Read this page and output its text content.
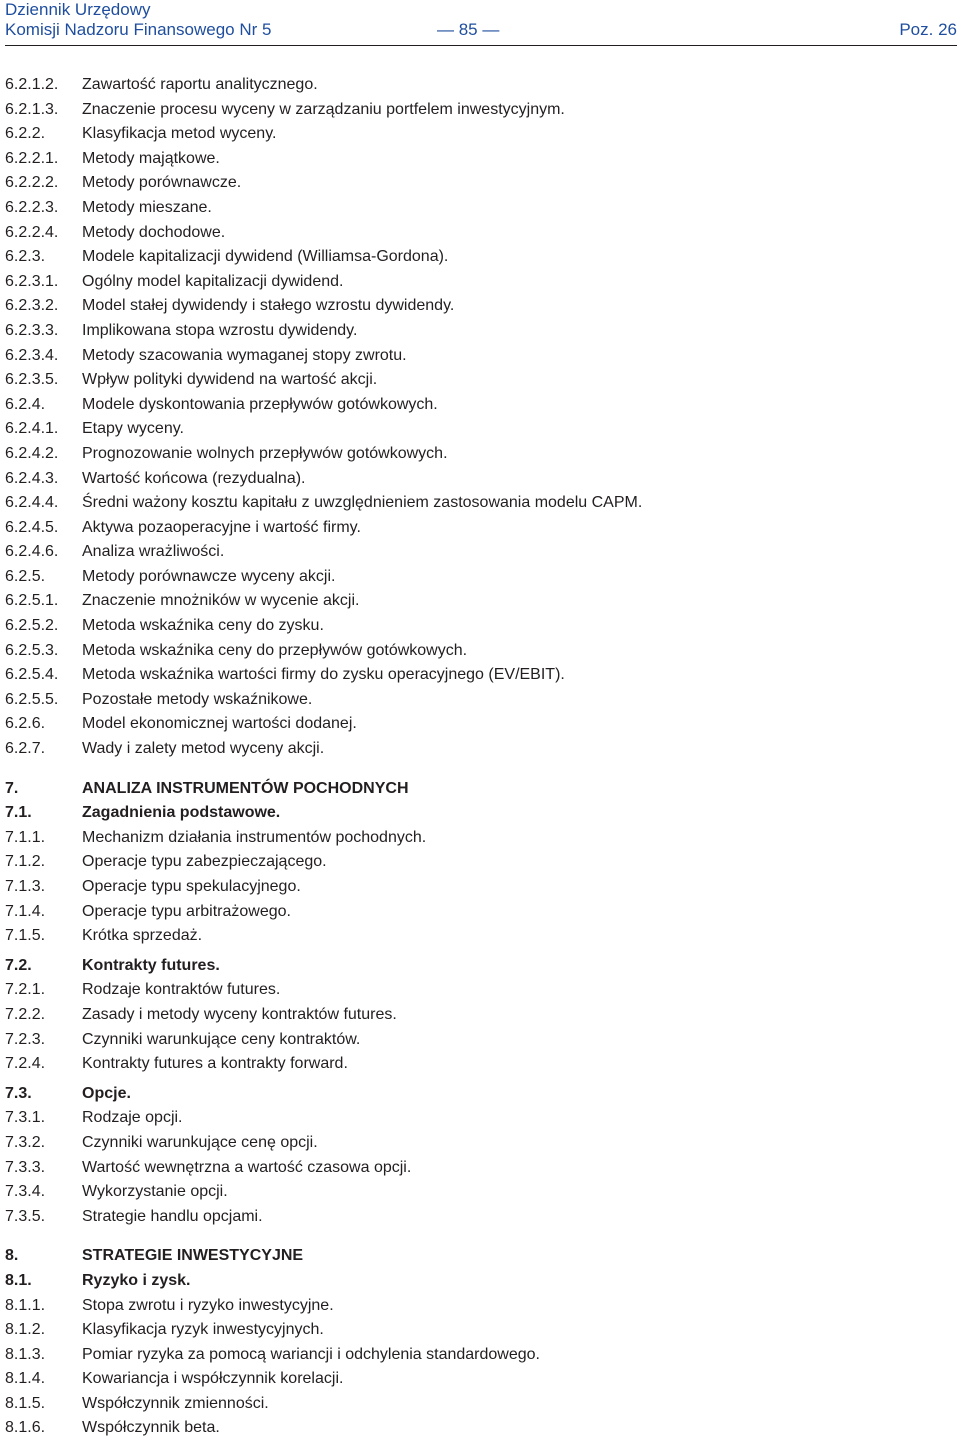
Dziennik Urzędowy
Komisji Nadzoru Finansowego Nr 5	— 85 —	Poz. 26
6.2.1.2. Zawartość raportu analitycznego.
6.2.1.3. Znaczenie procesu wyceny w zarządzaniu portfelem inwestycyjnym.
6.2.2. Klasyfikacja metod wyceny.
6.2.2.1. Metody majątkowe.
6.2.2.2. Metody porównawcze.
6.2.2.3. Metody mieszane.
6.2.2.4. Metody dochodowe.
6.2.3. Modele kapitalizacji dywidend (Williamsa-Gordona).
6.2.3.1. Ogólny model kapitalizacji dywidend.
6.2.3.2. Model stałej dywidendy i stałego wzrostu dywidendy.
6.2.3.3. Implikowana stopa wzrostu dywidendy.
6.2.3.4. Metody szacowania wymaganej stopy zwrotu.
6.2.3.5. Wpływ polityki dywidend na wartość akcji.
6.2.4. Modele dyskontowania przepływów gotówkowych.
6.2.4.1. Etapy wyceny.
6.2.4.2. Prognozowanie wolnych przepływów gotówkowych.
6.2.4.3. Wartość końcowa (rezydualna).
6.2.4.4. Średni ważony kosztu kapitału z uwzględnieniem zastosowania modelu CAPM.
6.2.4.5. Aktywa pozaoperacyjne i wartość firmy.
6.2.4.6. Analiza wrażliwości.
6.2.5. Metody porównawcze wyceny akcji.
6.2.5.1. Znaczenie mnożników w wycenie akcji.
6.2.5.2. Metoda wskaźnika ceny do zysku.
6.2.5.3. Metoda wskaźnika ceny do przepływów gotówkowych.
6.2.5.4. Metoda wskaźnika wartości firmy do zysku operacyjnego (EV/EBIT).
6.2.5.5. Pozostałe metody wskaźnikowe.
6.2.6. Model ekonomicznej wartości dodanej.
6.2.7. Wady i zalety metod wyceny akcji.
7.	ANALIZA INSTRUMENTÓW POCHODNYCH
7.1.	Zagadnienia podstawowe.
7.1.1. Mechanizm działania instrumentów pochodnych.
7.1.2. Operacje typu zabezpieczającego.
7.1.3. Operacje typu spekulacyjnego.
7.1.4. Operacje typu arbitrażowego.
7.1.5. Krótka sprzedaż.
7.2.	Kontrakty futures.
7.2.1. Rodzaje kontraktów futures.
7.2.2. Zasady i metody wyceny kontraktów futures.
7.2.3. Czynniki warunkujące ceny kontraktów.
7.2.4. Kontrakty futures a kontrakty forward.
7.3.	Opcje.
7.3.1. Rodzaje opcji.
7.3.2. Czynniki warunkujące cenę opcji.
7.3.3. Wartość wewnętrzna a wartość czasowa opcji.
7.3.4. Wykorzystanie opcji.
7.3.5. Strategie handlu opcjami.
8.	STRATEGIE INWESTYCYJNE
8.1.	Ryzyko i zysk.
8.1.1. Stopa zwrotu i ryzyko inwestycyjne.
8.1.2. Klasyfikacja ryzyk inwestycyjnych.
8.1.3. Pomiar ryzyka za pomocą wariancji i odchylenia standardowego.
8.1.4. Kowariancja i współczynnik korelacji.
8.1.5. Współczynnik zmienności.
8.1.6. Współczynnik beta.
